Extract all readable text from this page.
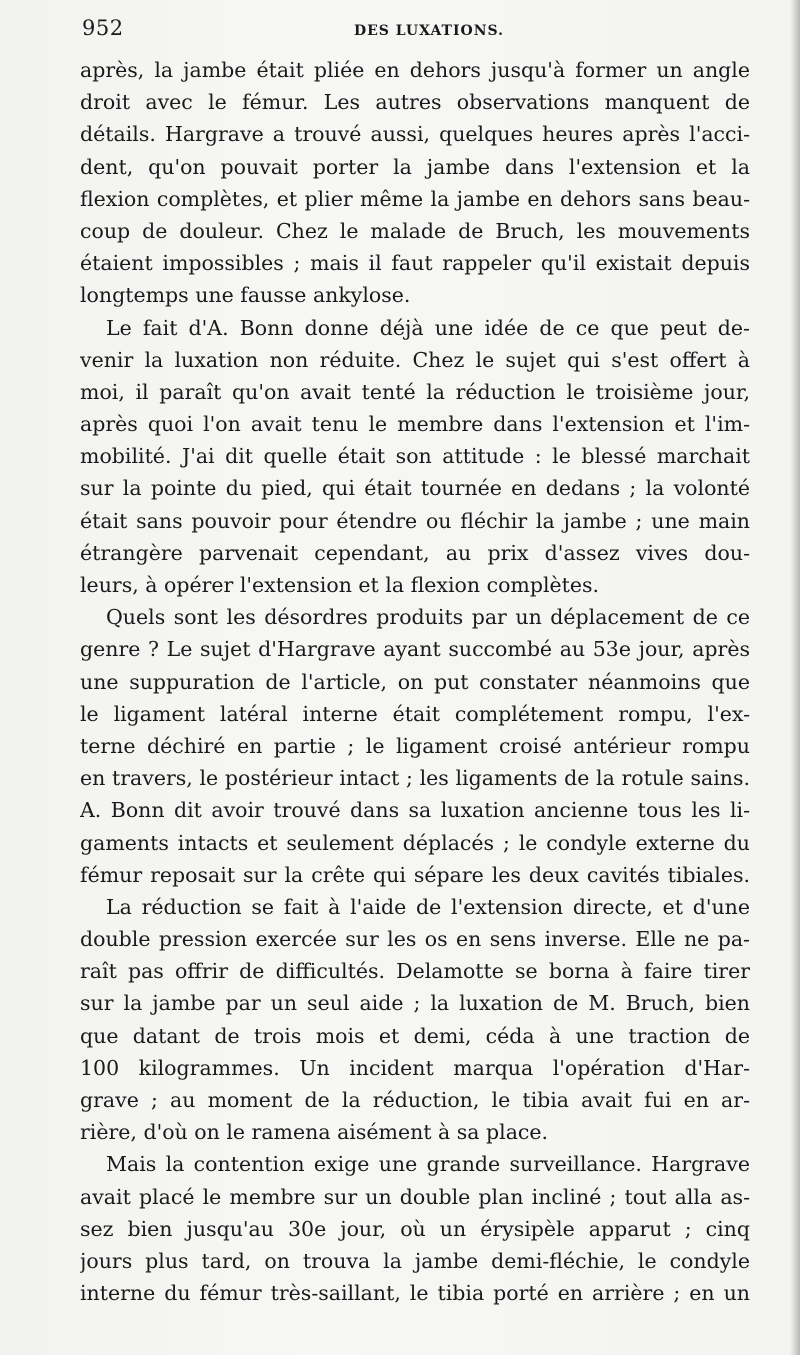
952	DES LUXATIONS.
après, la jambe était pliée en dehors jusqu'à former un angle
droit avec le fémur. Les autres observations manquent de
détails. Hargrave a trouvé aussi, quelques heures après l'acci-
dent, qu'on pouvait porter la jambe dans l'extension et la
flexion complètes, et plier même la jambe en dehors sans beau-
coup de douleur. Chez le malade de Bruch, les mouvements
étaient impossibles ; mais il faut rappeler qu'il existait depuis
longtemps une fausse ankylose.
Le fait d'A. Bonn donne déjà une idée de ce que peut de-
venir la luxation non réduite. Chez le sujet qui s'est offert à
moi, il paraît qu'on avait tenté la réduction le troisième jour,
après quoi l'on avait tenu le membre dans l'extension et l'im-
mobilité. J'ai dit quelle était son attitude : le blessé marchait
sur la pointe du pied, qui était tournée en dedans ; la volonté
était sans pouvoir pour étendre ou fléchir la jambe ; une main
étrangère parvenait cependant, au prix d'assez vives dou-
leurs, à opérer l'extension et la flexion complètes.
Quels sont les désordres produits par un déplacement de ce
genre ? Le sujet d'Hargrave ayant succombé au 53e jour, après
une suppuration de l'article, on put constater néanmoins que
le ligament latéral interne était complétement rompu, l'ex-
terne déchiré en partie ; le ligament croisé antérieur rompu
en travers, le postérieur intact ; les ligaments de la rotule sains.
A. Bonn dit avoir trouvé dans sa luxation ancienne tous les li-
gaments intacts et seulement déplacés ; le condyle externe du
fémur reposait sur la crête qui sépare les deux cavités tibiales.
La réduction se fait à l'aide de l'extension directe, et d'une
double pression exercée sur les os en sens inverse. Elle ne pa-
raît pas offrir de difficultés. Delamotte se borna à faire tirer
sur la jambe par un seul aide ; la luxation de M. Bruch, bien
que datant de trois mois et demi, céda à une traction de
100 kilogrammes. Un incident marqua l'opération d'Har-
grave ; au moment de la réduction, le tibia avait fui en ar-
rière, d'où on le ramena aisément à sa place.
Mais la contention exige une grande surveillance. Hargrave
avait placé le membre sur un double plan incliné ; tout alla as-
sez bien jusqu'au 30e jour, où un érysipèle apparut ; cinq
jours plus tard, on trouva la jambe demi-fléchie, le condyle
interne du fémur très-saillant, le tibia porté en arrière ; en un
